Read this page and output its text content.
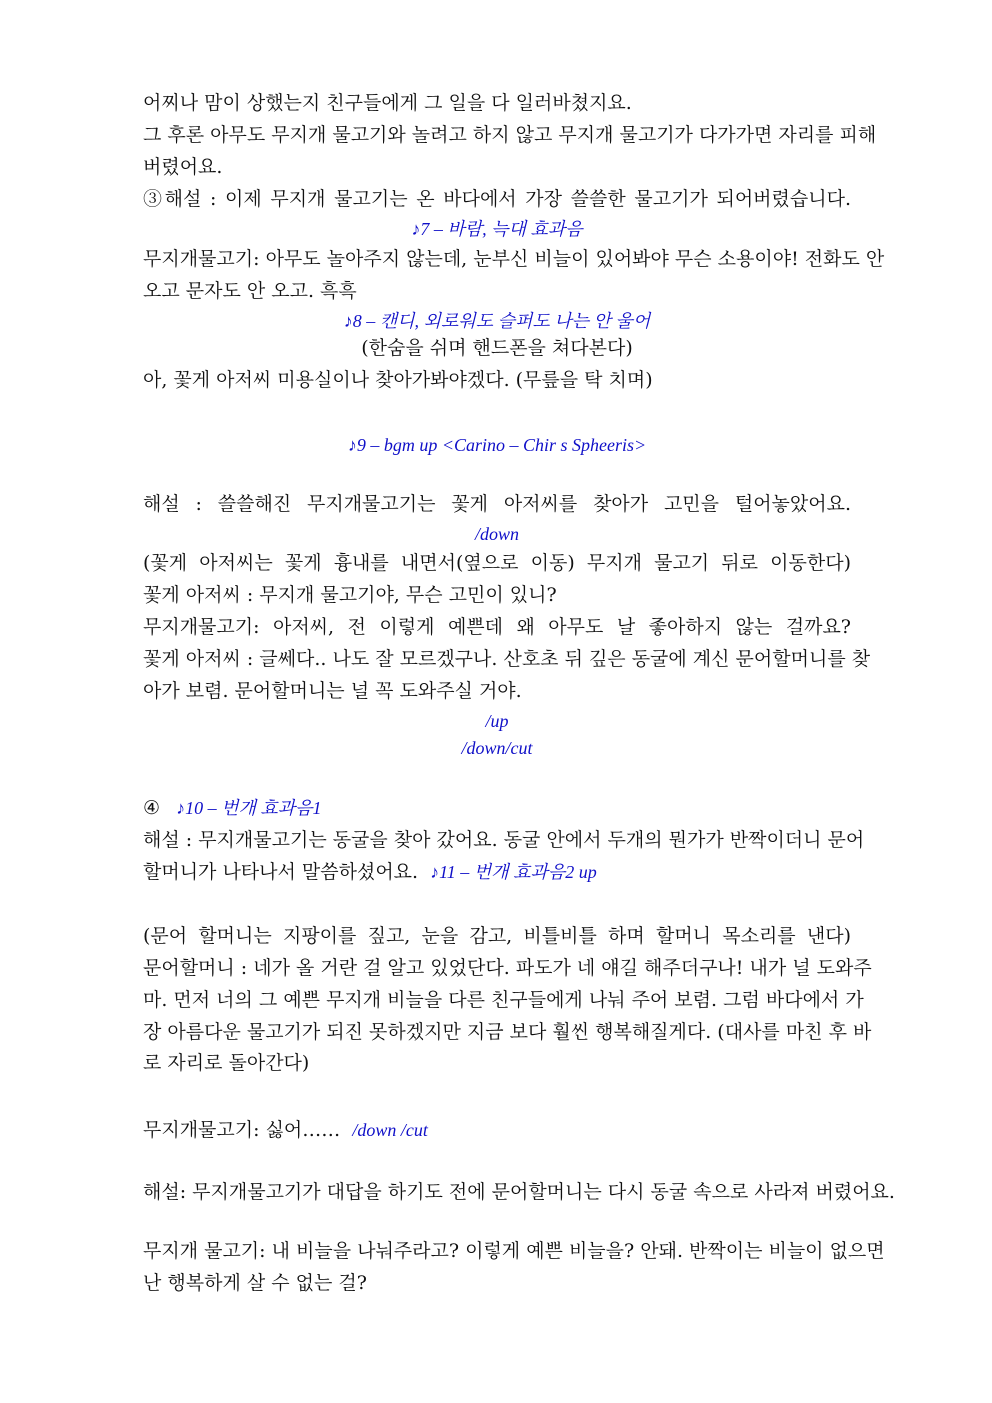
어찌나 맘이 상했는지 친구들에게 그 일을 다 일러바쳤지요.
그 후론 아무도 무지개 물고기와 놀려고 하지 않고 무지개 물고기가 다가가면 자리를 피해
버렸어요.
③해설 : 이제 무지개 물고기는 온 바다에서 가장 쓸쓸한 물고기가 되어버렸습니다.
♪7 – 바람, 늑대 효과음
무지개물고기: 아무도 놀아주지 않는데, 눈부신 비늘이 있어봐야 무슨 소용이야! 전화도 안
오고 문자도 안 오고. 흑흑
♪8 – 캔디, 외로워도 슬퍼도 나는 안 울어
(한숨을 쉬며 핸드폰을 쳐다본다)
아, 꽃게 아저씨 미용실이나 찾아가봐야겠다. (무릎을 탁 치며)
♪9 – bgm up <Carino – Chir s Spheeris>
해설 : 쓸쓸해진 무지개물고기는 꽃게 아저씨를 찾아가 고민을 털어놓았어요.
/down
(꽃게 아저씨는 꽃게 흉내를 내면서(옆으로 이동) 무지개 물고기 뒤로 이동한다)
꽃게 아저씨 : 무지개 물고기야, 무슨 고민이 있니?
무지개물고기: 아저씨, 전 이렇게 예쁜데 왜 아무도 날 좋아하지 않는 걸까요?
꽃게 아저씨 : 글쎄다.. 나도 잘 모르겠구나. 산호초 뒤 깊은 동굴에 계신 문어할머니를 찾
아가 보렴. 문어할머니는 널 꼭 도와주실 거야.
/up
/down/cut
④ ♪10 – 번개 효과음1
해설 : 무지개물고기는 동굴을 찾아 갔어요. 동굴 안에서 두개의 뭔가가 반짝이더니 문어
할머니가 나타나서 말씀하셨어요. ♪11 – 번개 효과음2 up
(문어 할머니는 지팡이를 짚고, 눈을 감고, 비틀비틀 하며 할머니 목소리를 낸다)
문어할머니 : 네가 올 거란 걸 알고 있었단다. 파도가 네 얘길 해주더구나! 내가 널 도와주
마. 먼저 너의 그 예쁜 무지개 비늘을 다른 친구들에게 나눠 주어 보렴. 그럼 바다에서 가
장 아름다운 물고기가 되진 못하겠지만 지금 보다 훨씬 행복해질게다. (대사를 마친 후 바
로 자리로 돌아간다)
무지개물고기: 싫어…… /down /cut
해설: 무지개물고기가 대답을 하기도 전에 문어할머니는 다시 동굴 속으로 사라져 버렸어요.
무지개 물고기: 내 비늘을 나눠주라고? 이렇게 예쁜 비늘을? 안돼. 반짝이는 비늘이 없으면
난 행복하게 살 수 없는 걸?
